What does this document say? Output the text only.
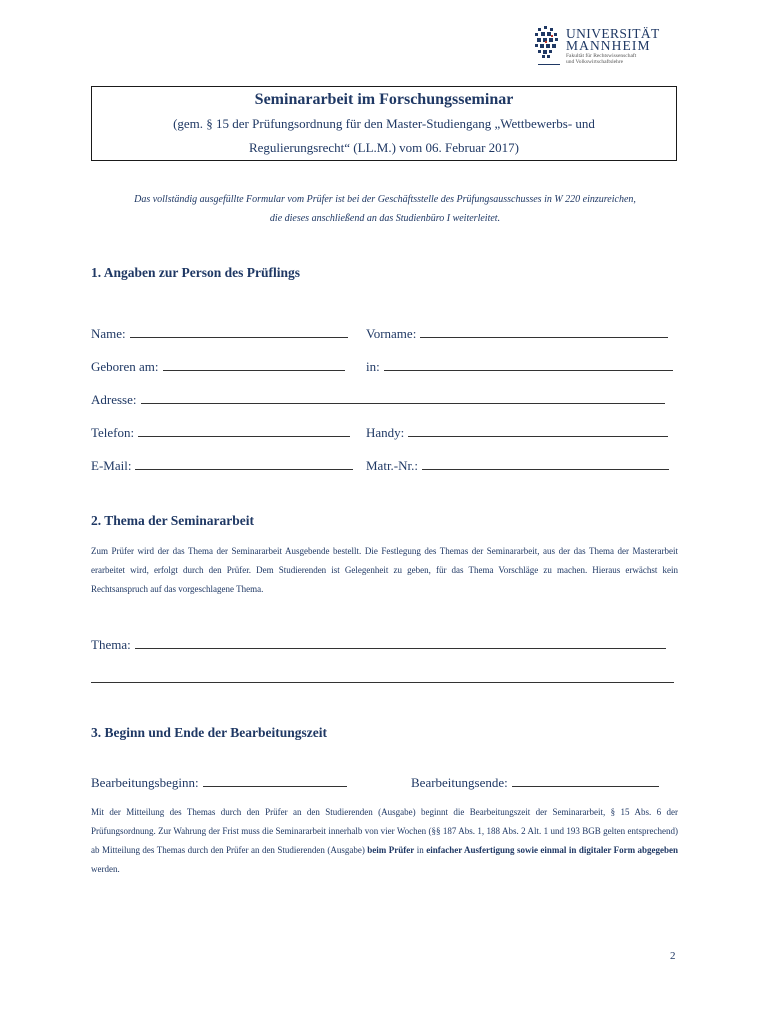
UNIVERSITÄT
MANNHEIM
Fakultät für Rechtswissenschaft
und Volkswirtschaftslehre
Seminararbeit im Forschungsseminar
(gem. § 15 der Prüfungsordnung für den Master-Studiengang „Wettbewerbs- und
Regulierungsrecht“ (LL.M.) vom 06. Februar 2017)
Das vollständig ausgefüllte Formular vom Prüfer ist bei der Geschäftsstelle des Prüfungsausschusses in W 220 einzureichen,
die dieses anschließend an das Studienbüro I weiterleitet.
1. Angaben zur Person des Prüflings
Name:	Vorname:
Geboren am:	in:
Adresse:
Telefon:	Handy:
E-Mail:	Matr.-Nr.:
2. Thema der Seminararbeit
Zum Prüfer wird der das Thema der Seminararbeit Ausgebende bestellt. Die Festlegung des Themas der Seminararbeit, aus der das Thema der Masterarbeit erarbeitet wird, erfolgt durch den Prüfer. Dem Studierenden ist Gelegenheit zu geben, für das Thema Vorschläge zu machen. Hieraus erwächst kein Rechtsanspruch auf das vorgeschlagene Thema.
Thema:
3. Beginn und Ende der Bearbeitungszeit
Bearbeitungsbeginn:	Bearbeitungsende:
Mit der Mitteilung des Themas durch den Prüfer an den Studierenden (Ausgabe) beginnt die Bearbeitungszeit der Seminararbeit, § 15 Abs. 6 der Prüfungsordnung. Zur Wahrung der Frist muss die Seminararbeit innerhalb von vier Wochen (§§ 187 Abs. 1, 188 Abs. 2 Alt. 1 und 193 BGB gelten entsprechend) ab Mitteilung des Themas durch den Prüfer an den Studierenden (Ausgabe) beim Prüfer in einfacher Ausfertigung sowie einmal in digitaler Form abgegeben werden.
2
